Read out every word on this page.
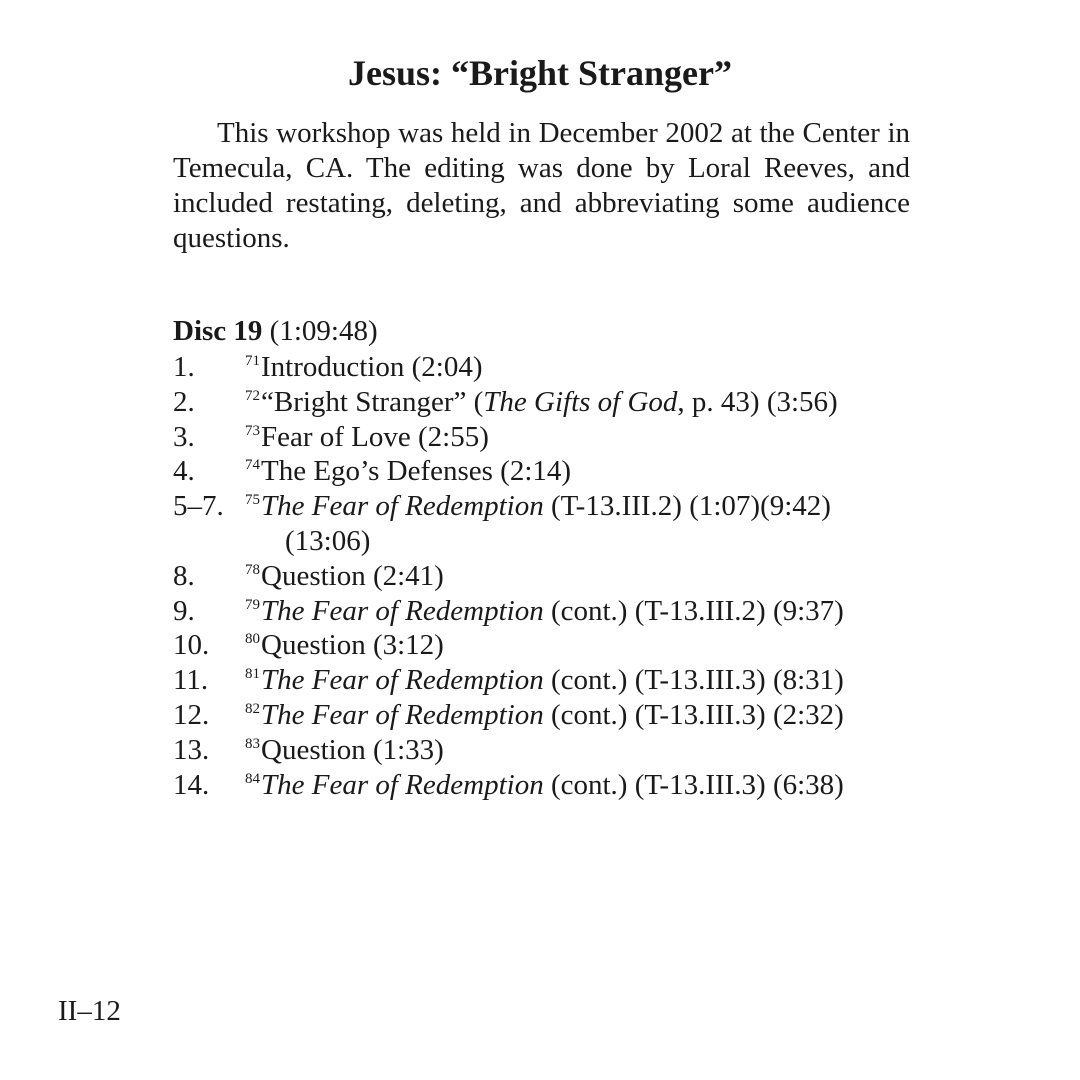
Jesus: “Bright Stranger”

This workshop was held in December 2002 at the Center in Temecula, CA. The editing was done by Loral Reeves, and included restating, deleting, and abbreviating some audience questions.

Disc 19 (1:09:48)
1.	$^{71}$Introduction (2:04)
2.	$^{72}$“Bright Stranger” (The Gifts of God, p. 43) (3:56)
3.	$^{73}$Fear of Love (2:55)
4.	$^{74}$The Ego’s Defenses (2:14)
5–7. $^{75}$The Fear of Redemption (T-13.III.2) (1:07)(9:42)
(13:06)
8.	$^{78}$Question (2:41)
9.	$^{79}$The Fear of Redemption (cont.) (T-13.III.2) (9:37)
10. $^{80}$Question (3:12)
11. $^{81}$The Fear of Redemption (cont.) (T-13.III.3) (8:31)
12. $^{82}$The Fear of Redemption (cont.) (T-13.III.3) (2:32)
13. $^{83}$Question (1:33)
14. $^{84}$The Fear of Redemption (cont.) (T-13.III.3) (6:38)
II–12
